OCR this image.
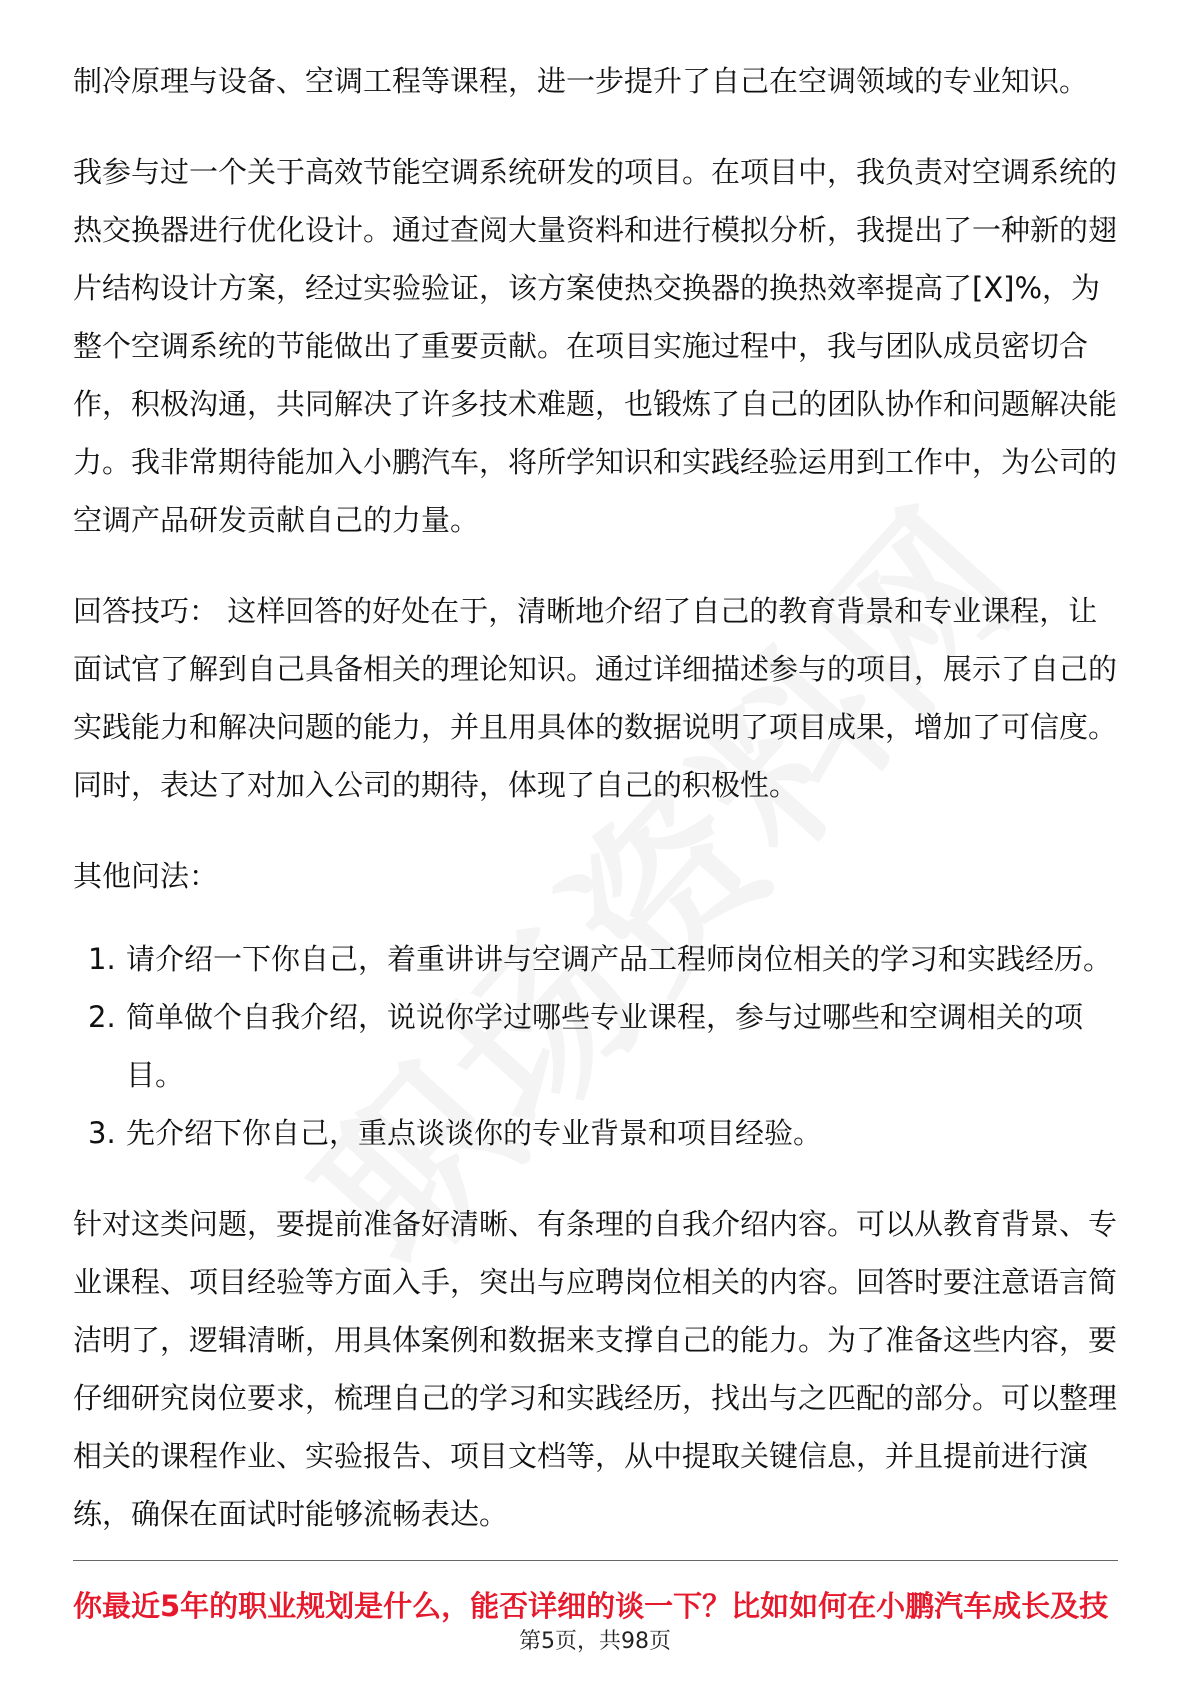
制冷原理与设备、空调工程等课程，进一步提升了自己在空调领域的专业知识。

我参与过一个关于高效节能空调系统研发的项目。在项目中，我负责对空调系统的热交换器进行优化设计。通过查阅大量资料和进行模拟分析，我提出了一种新的翅片结构设计方案，经过实验验证，该方案使热交换器的换热效率提高了[X]%，为整个空调系统的节能做出了重要贡献。在项目实施过程中，我与团队成员密切合作，积极沟通，共同解决了许多技术难题，也锻炼了自己的团队协作和问题解决能力。我非常期待能加入小鹏汽车，将所学知识和实践经验运用到工作中，为公司的空调产品研发贡献自己的力量。

回答技巧： 这样回答的好处在于，清晰地介绍了自己的教育背景和专业课程，让面试官了解到自己具备相关的理论知识。通过详细描述参与的项目，展示了自己的实践能力和解决问题的能力，并且用具体的数据说明了项目成果，增加了可信度。同时，表达了对加入公司的期待，体现了自己的积极性。

其他问法：

1. 请介绍一下你自己，着重讲讲与空调产品工程师岗位相关的学习和实践经历。
2. 简单做个自我介绍，说说你学过哪些专业课程，参与过哪些和空调相关的项目。
3. 先介绍下你自己，重点谈谈你的专业背景和项目经验。

针对这类问题，要提前准备好清晰、有条理的自我介绍内容。可以从教育背景、专业课程、项目经验等方面入手，突出与应聘岗位相关的内容。回答时要注意语言简洁明了，逻辑清晰，用具体案例和数据来支撑自己的能力。为了准备这些内容，要仔细研究岗位要求，梳理自己的学习和实践经历，找出与之匹配的部分。可以整理相关的课程作业、实验报告、项目文档等，从中提取关键信息，并且提前进行演练，确保在面试时能够流畅表达。

你最近5年的职业规划是什么，能否详细的谈一下？比如如何在小鹏汽车成长及技
第5页，共98页
